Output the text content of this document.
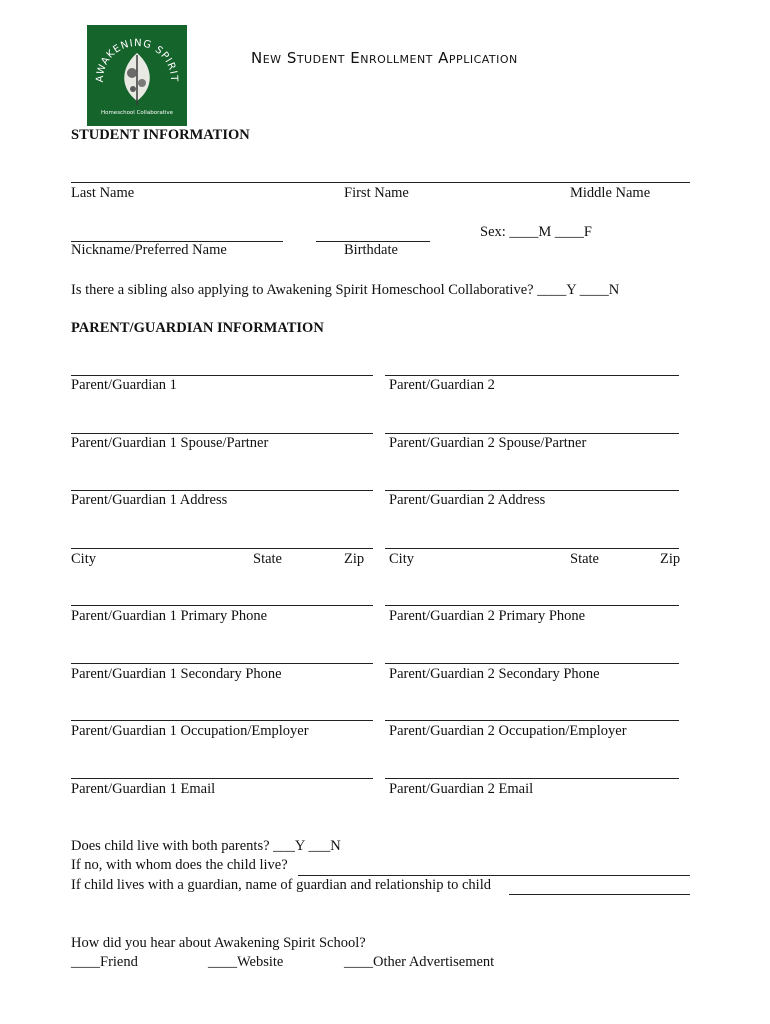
AWAKENING SPIRIT
Homeschool Collaborative
New Student Enrollment Application
STUDENT INFORMATION
Last Name	First Name	Middle Name
Sex: ____M ____F
Nickname/Preferred Name	Birthdate
Is there a sibling also applying to Awakening Spirit Homeschool Collaborative? ____Y ____N
PARENT/GUARDIAN INFORMATION
Parent/Guardian 1	Parent/Guardian 2
Parent/Guardian 1 Spouse/Partner	Parent/Guardian 2 Spouse/Partner
Parent/Guardian 1 Address	Parent/Guardian 2 Address
City	State	Zip City	State	Zip
Parent/Guardian 1 Primary Phone	Parent/Guardian 2 Primary Phone
Parent/Guardian 1 Secondary Phone	Parent/Guardian 2 Secondary Phone
Parent/Guardian 1 Occupation/Employer	Parent/Guardian 2 Occupation/Employer
Parent/Guardian 1 Email	Parent/Guardian 2 Email
Does child live with both parents? ___Y ___N
If no, with whom does the child live?
If child lives with a guardian, name of guardian and relationship to child
How did you hear about Awakening Spirit School?
____Friend	____Website	____Other Advertisement
